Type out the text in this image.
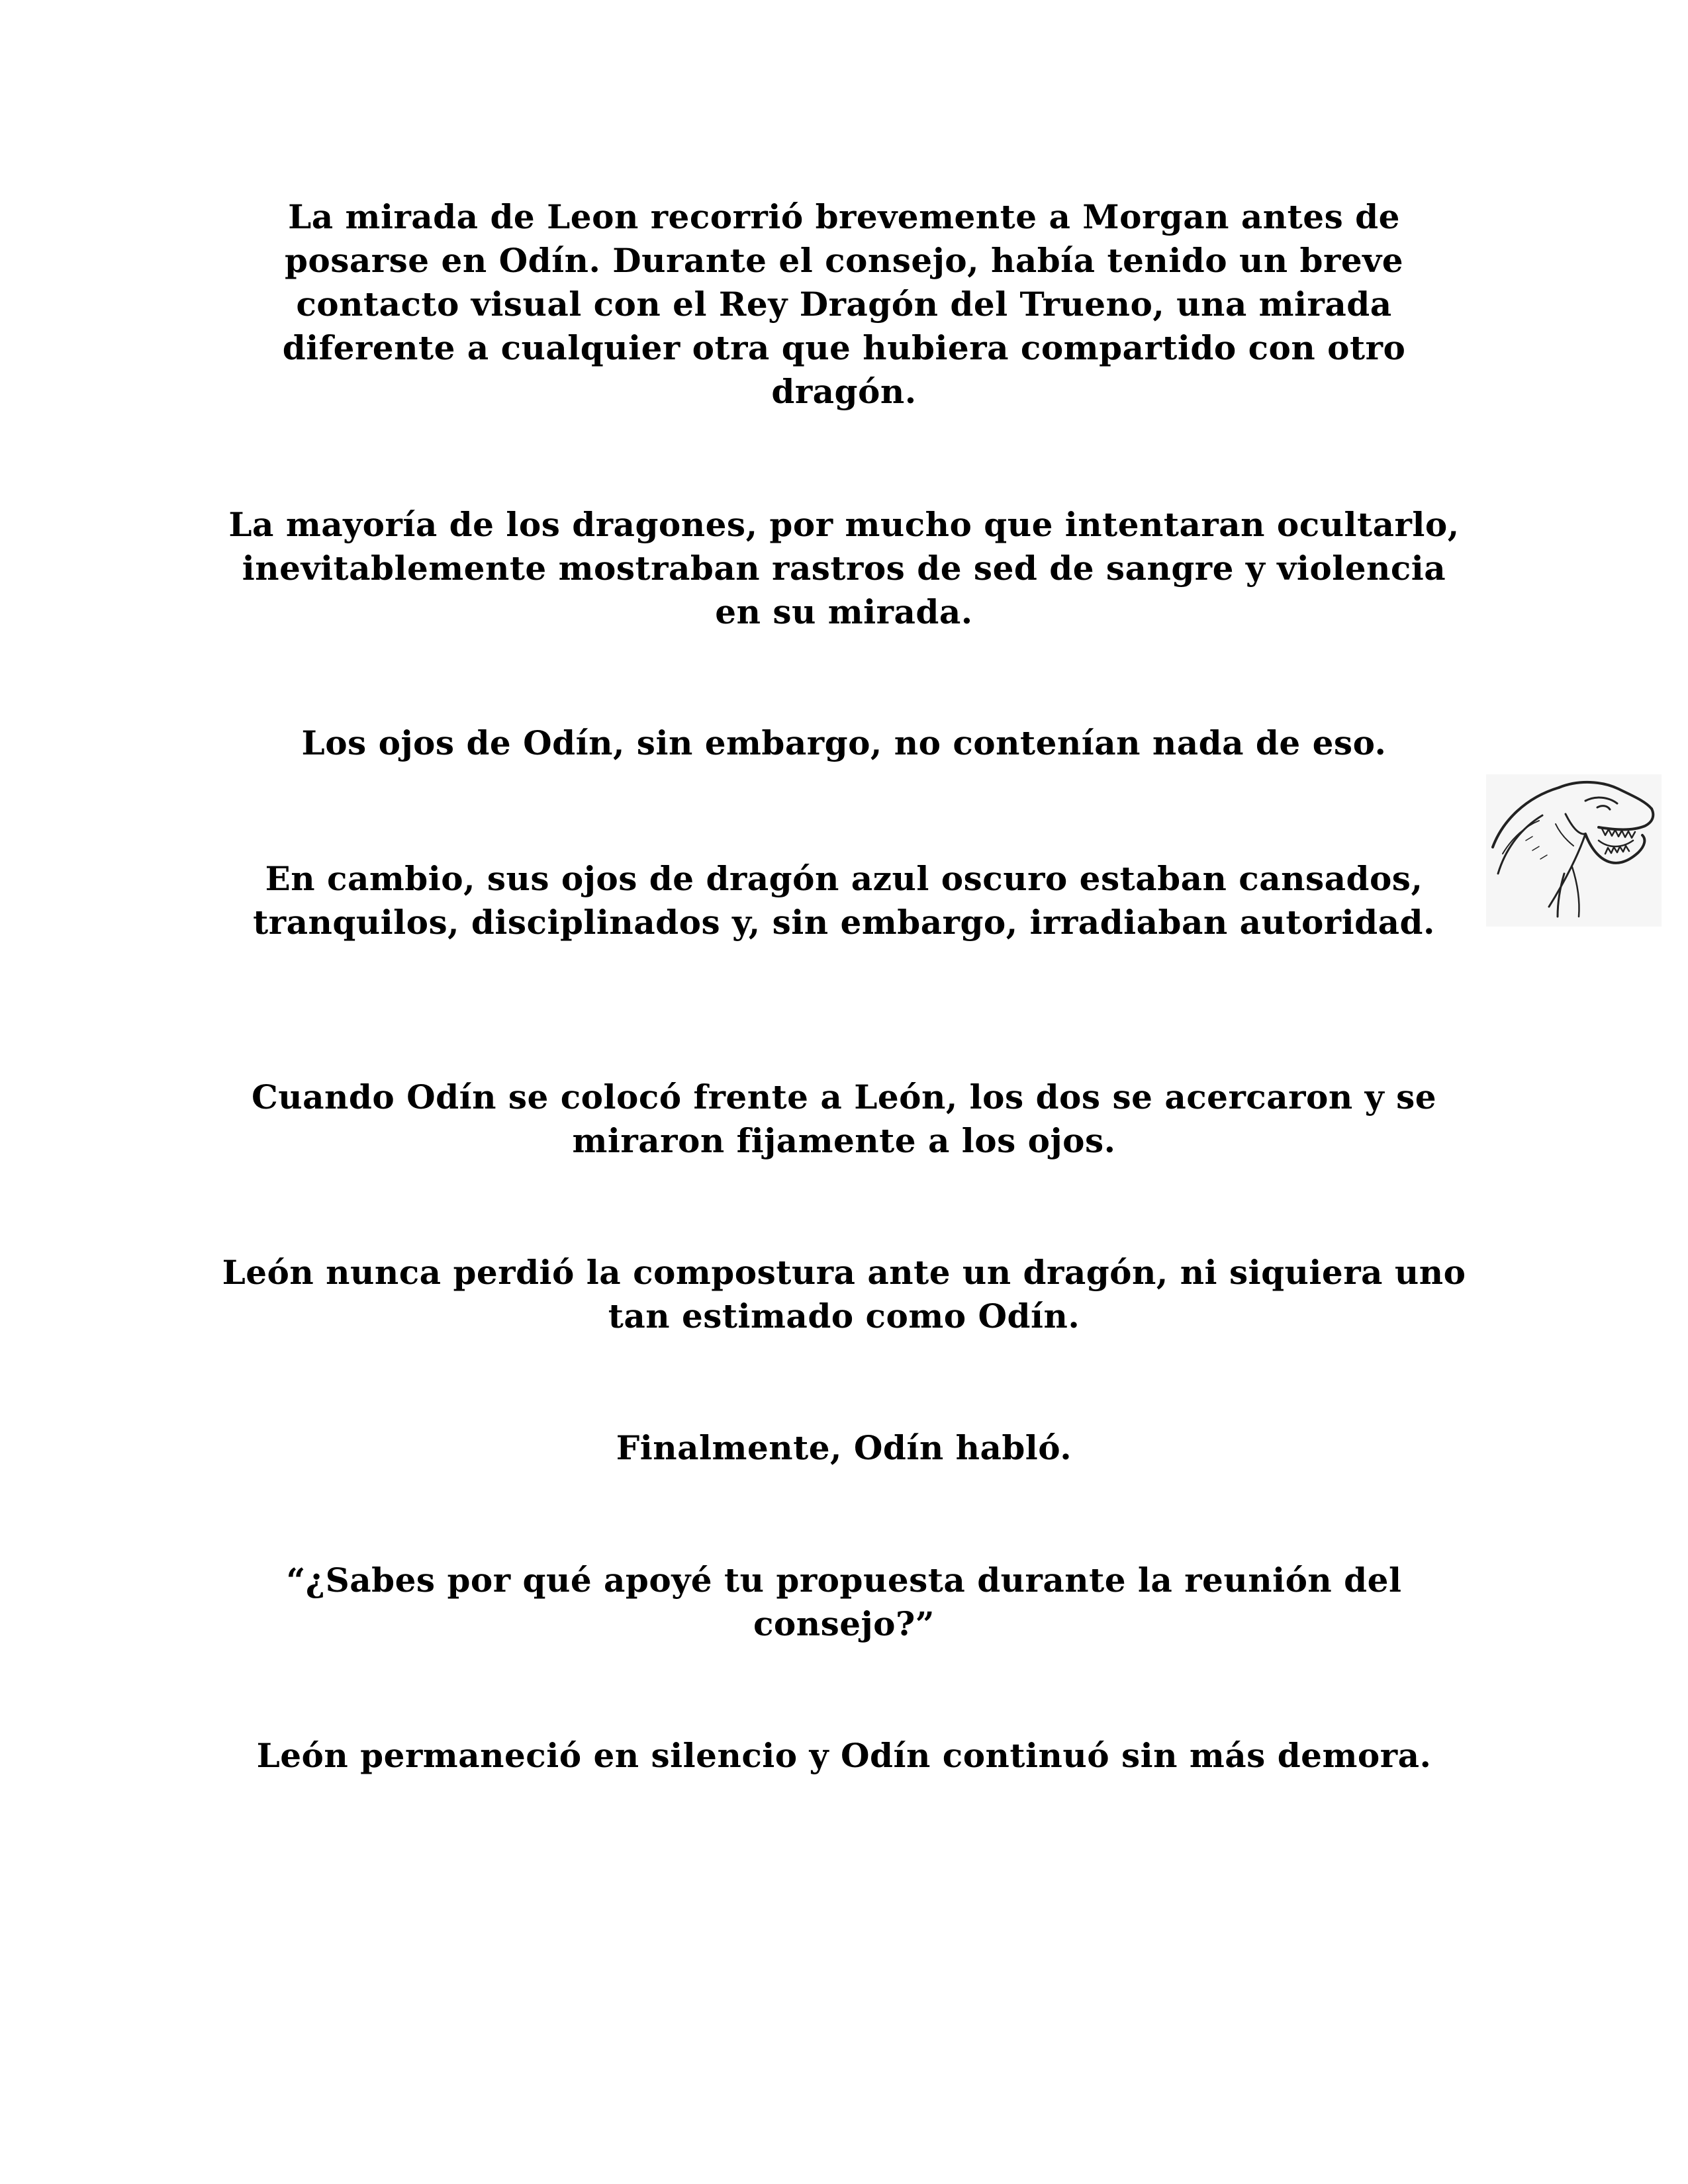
La mirada de Leon recorrió brevemente a Morgan antes de posarse en Odín. Durante el consejo, había tenido un breve contacto visual con el Rey Dragón del Trueno, una mirada diferente a cualquier otra que hubiera compartido con otro dragón.

La mayoría de los dragones, por mucho que intentaran ocultarlo, inevitablemente mostraban rastros de sed de sangre y violencia en su mirada.

Los ojos de Odín, sin embargo, no contenían nada de eso.

En cambio, sus ojos de dragón azul oscuro estaban cansados, tranquilos, disciplinados y, sin embargo, irradiaban autoridad.

Cuando Odín se colocó frente a León, los dos se acercaron y se miraron fijamente a los ojos.

León nunca perdió la compostura ante un dragón, ni siquiera uno tan estimado como Odín.

Finalmente, Odín habló.

“¿Sabes por qué apoyé tu propuesta durante la reunión del consejo?”

León permaneció en silencio y Odín continuó sin más demora.
